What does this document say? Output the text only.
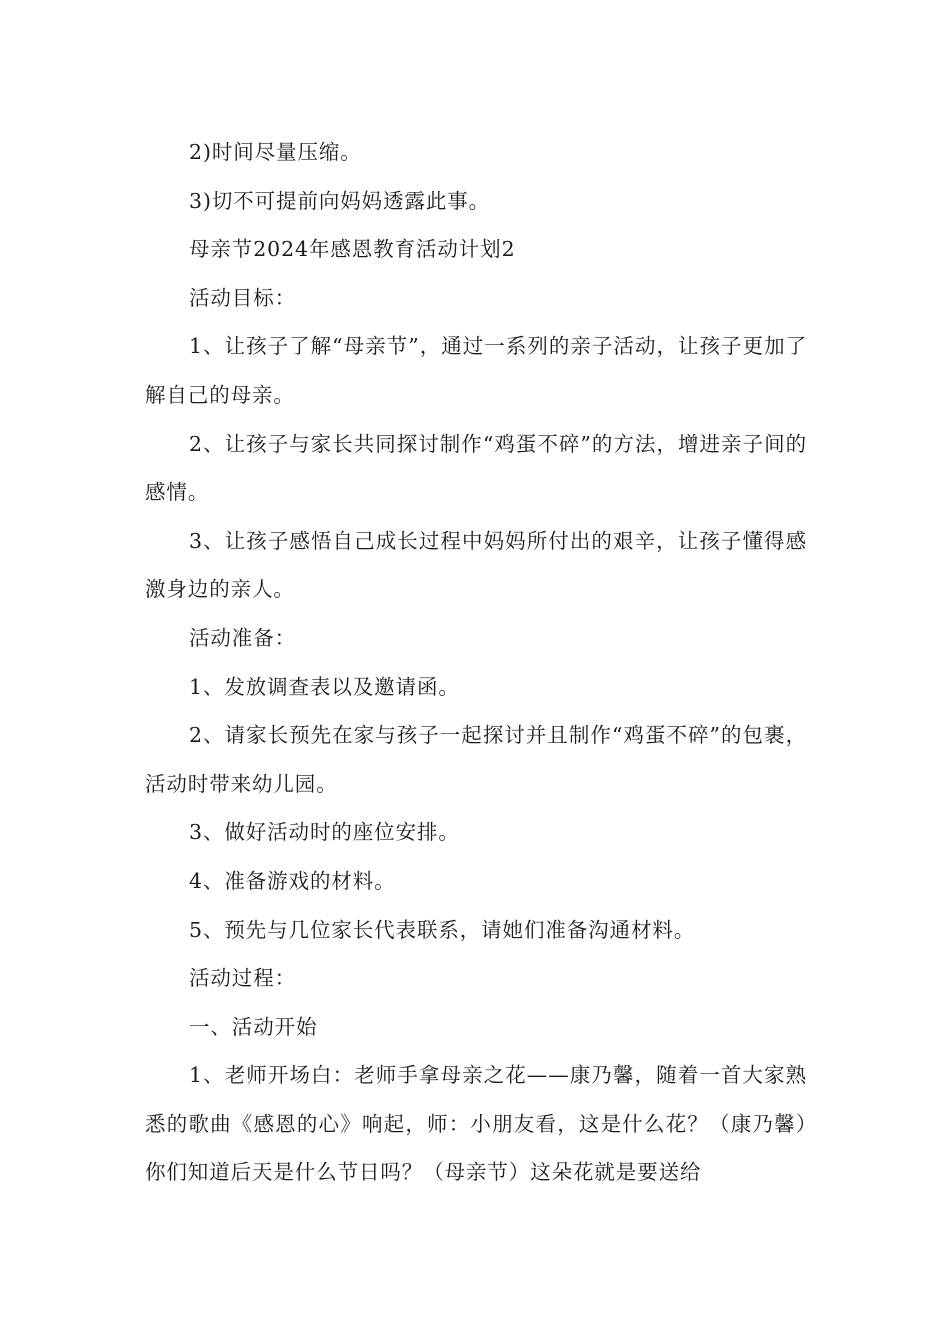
2)时间尽量压缩。

3)切不可提前向妈妈透露此事。

母亲节2024年感恩教育活动计划2

活动目标：

1、让孩子了解“母亲节”，通过一系列的亲子活动，让孩子更加了解自己的母亲。

2、让孩子与家长共同探讨制作“鸡蛋不碎”的方法，增进亲子间的感情。

3、让孩子感悟自己成长过程中妈妈所付出的艰辛，让孩子懂得感激身边的亲人。

活动准备：

1、发放调查表以及邀请函。

2、请家长预先在家与孩子一起探讨并且制作“鸡蛋不碎”的包裹，活动时带来幼儿园。

3、做好活动时的座位安排。

4、准备游戏的材料。

5、预先与几位家长代表联系，请她们准备沟通材料。

活动过程：

一、活动开始

1、老师开场白：老师手拿母亲之花——康乃馨，随着一首大家熟悉的歌曲《感恩的心》响起，师：小朋友看，这是什么花？（康乃馨）你们知道后天是什么节日吗？（母亲节）这朵花就是要送给
